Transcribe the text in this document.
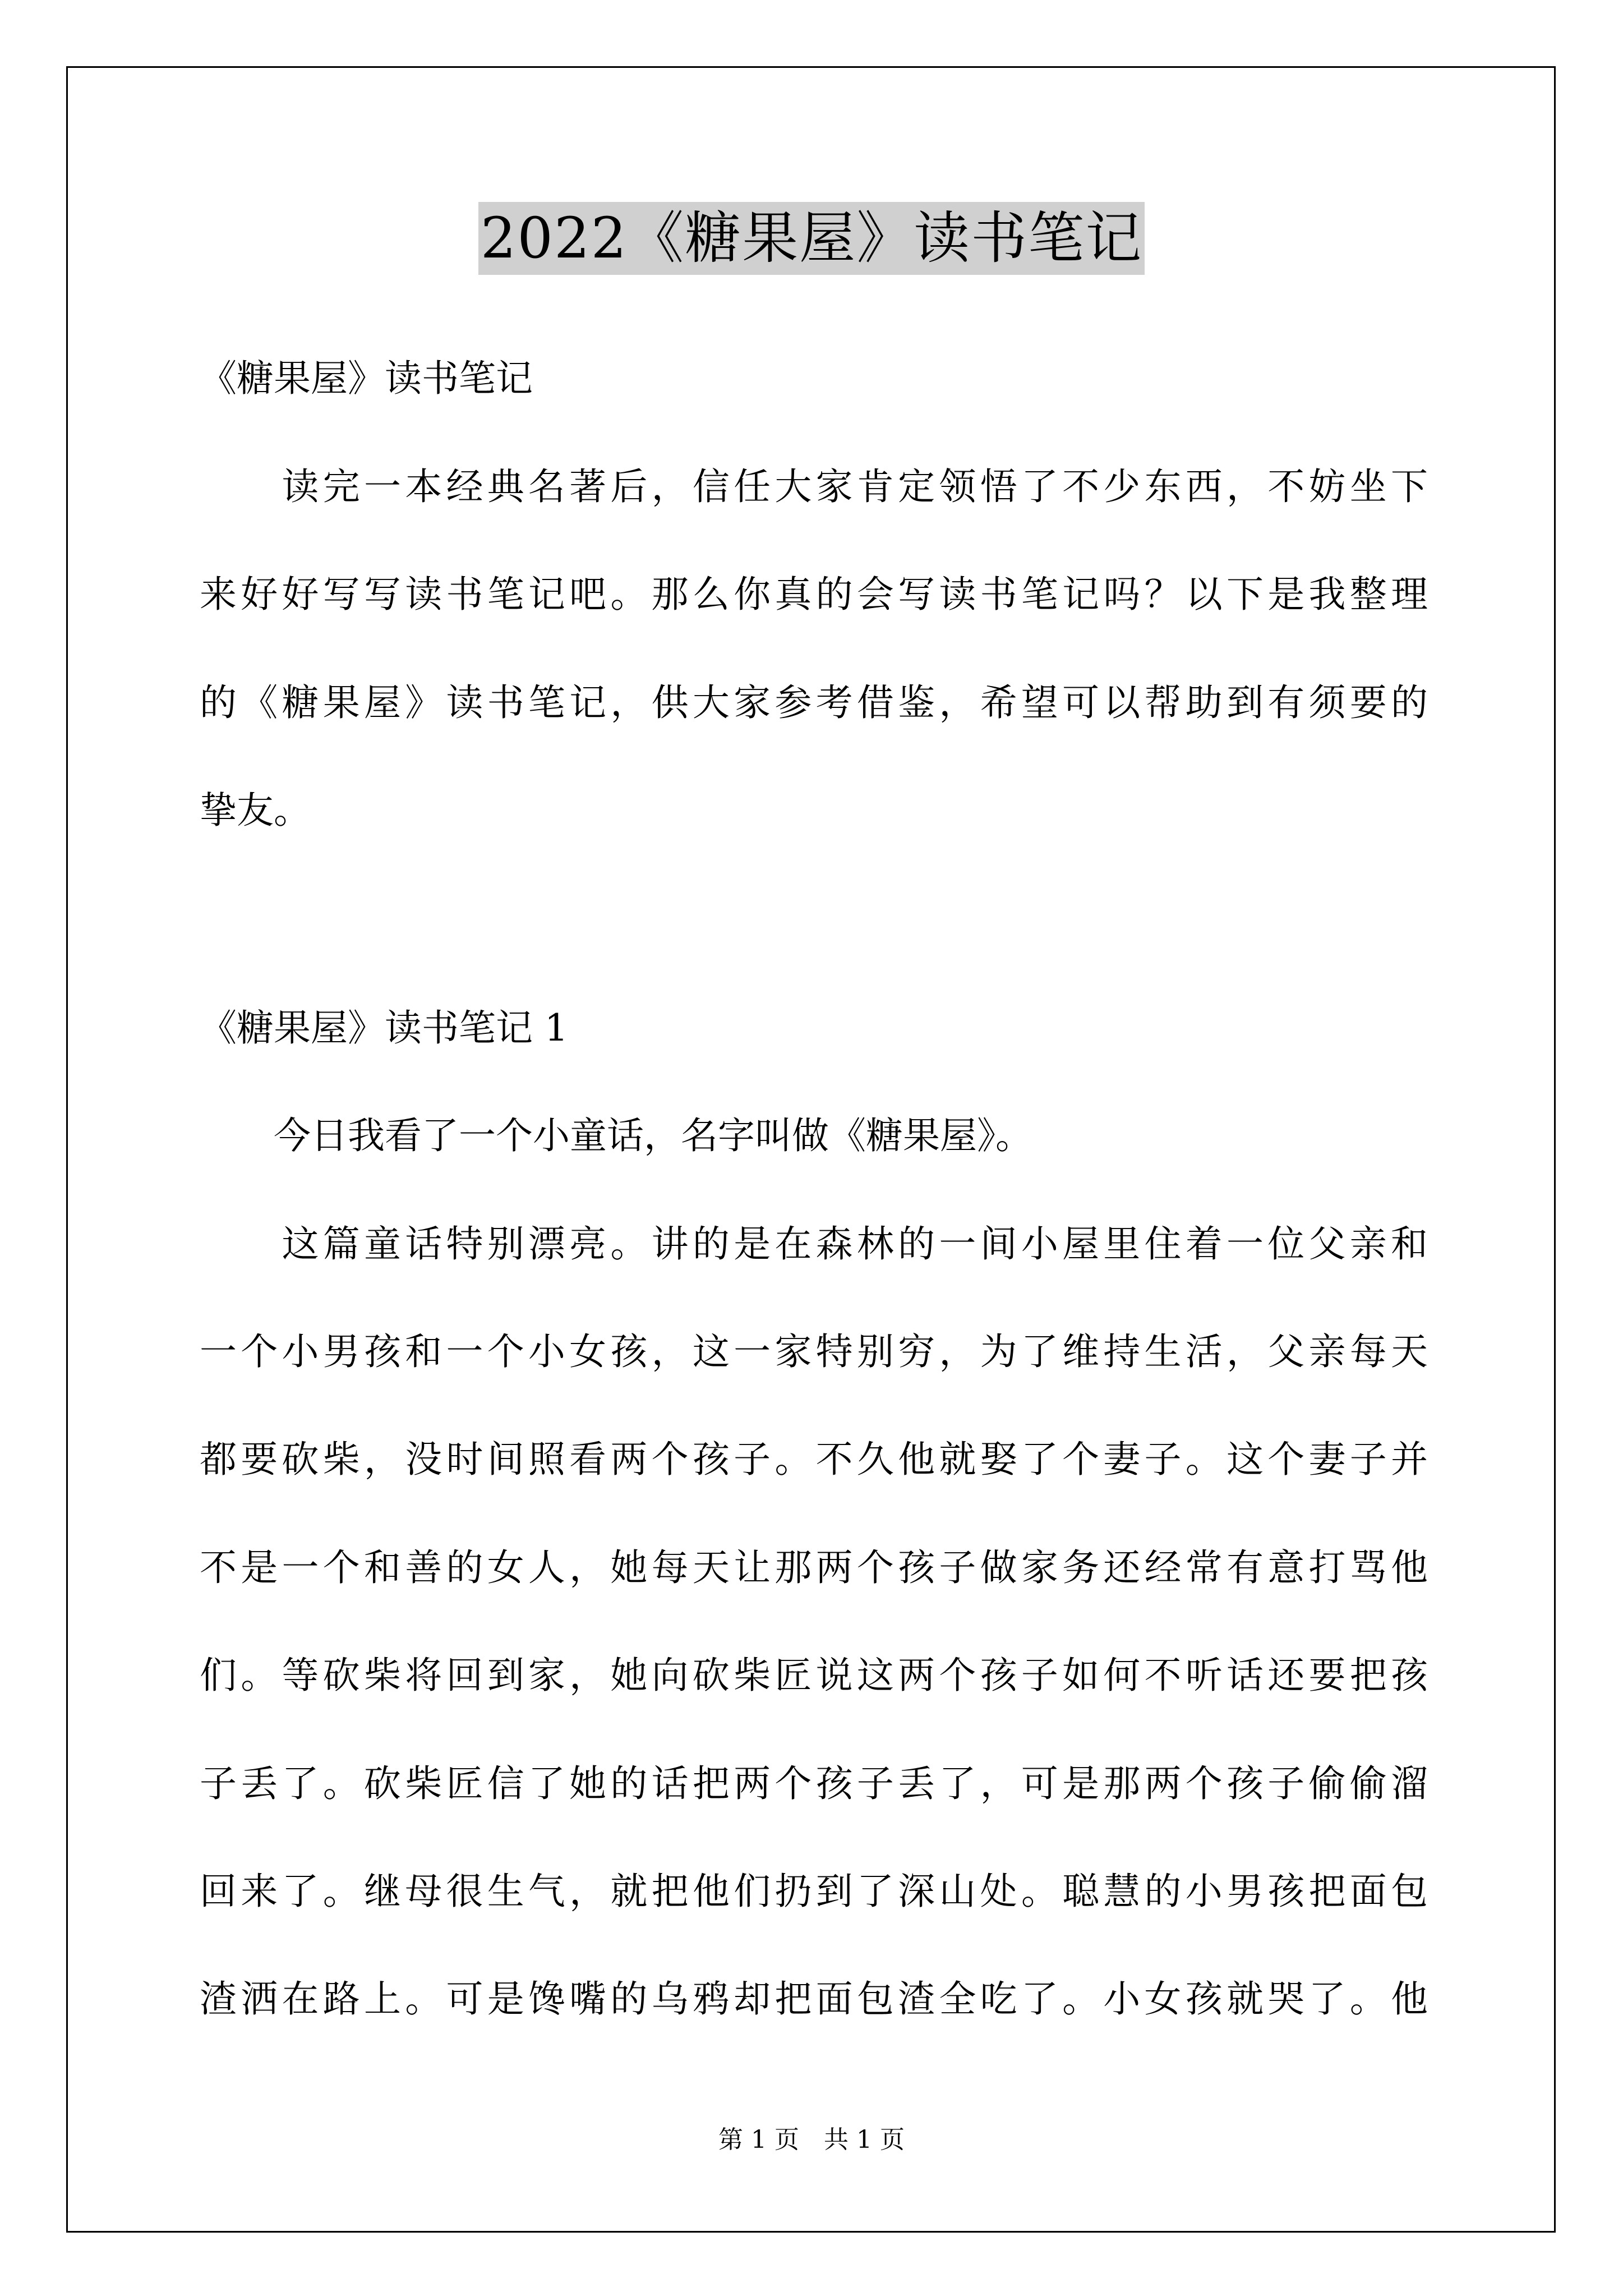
2022《糖果屋》读书笔记
《糖果屋》读书笔记
　　读完一本经典名著后，信任大家肯定领悟了不少东西，不妨坐下
来好好写写读书笔记吧。那么你真的会写读书笔记吗？以下是我整理
的《糖果屋》读书笔记，供大家参考借鉴，希望可以帮助到有须要的
挚友。
《糖果屋》读书笔记 1
　　今日我看了一个小童话，名字叫做《糖果屋》。
　　这篇童话特别漂亮。讲的是在森林的一间小屋里住着一位父亲和
一个小男孩和一个小女孩，这一家特别穷，为了维持生活，父亲每天
都要砍柴，没时间照看两个孩子。不久他就娶了个妻子。这个妻子并
不是一个和善的女人，她每天让那两个孩子做家务还经常有意打骂他
们。等砍柴将回到家，她向砍柴匠说这两个孩子如何不听话还要把孩
子丢了。砍柴匠信了她的话把两个孩子丢了，可是那两个孩子偷偷溜
回来了。继母很生气，就把他们扔到了深山处。聪慧的小男孩把面包
渣洒在路上。可是馋嘴的乌鸦却把面包渣全吃了。小女孩就哭了。他
第 1 页　共 1 页
